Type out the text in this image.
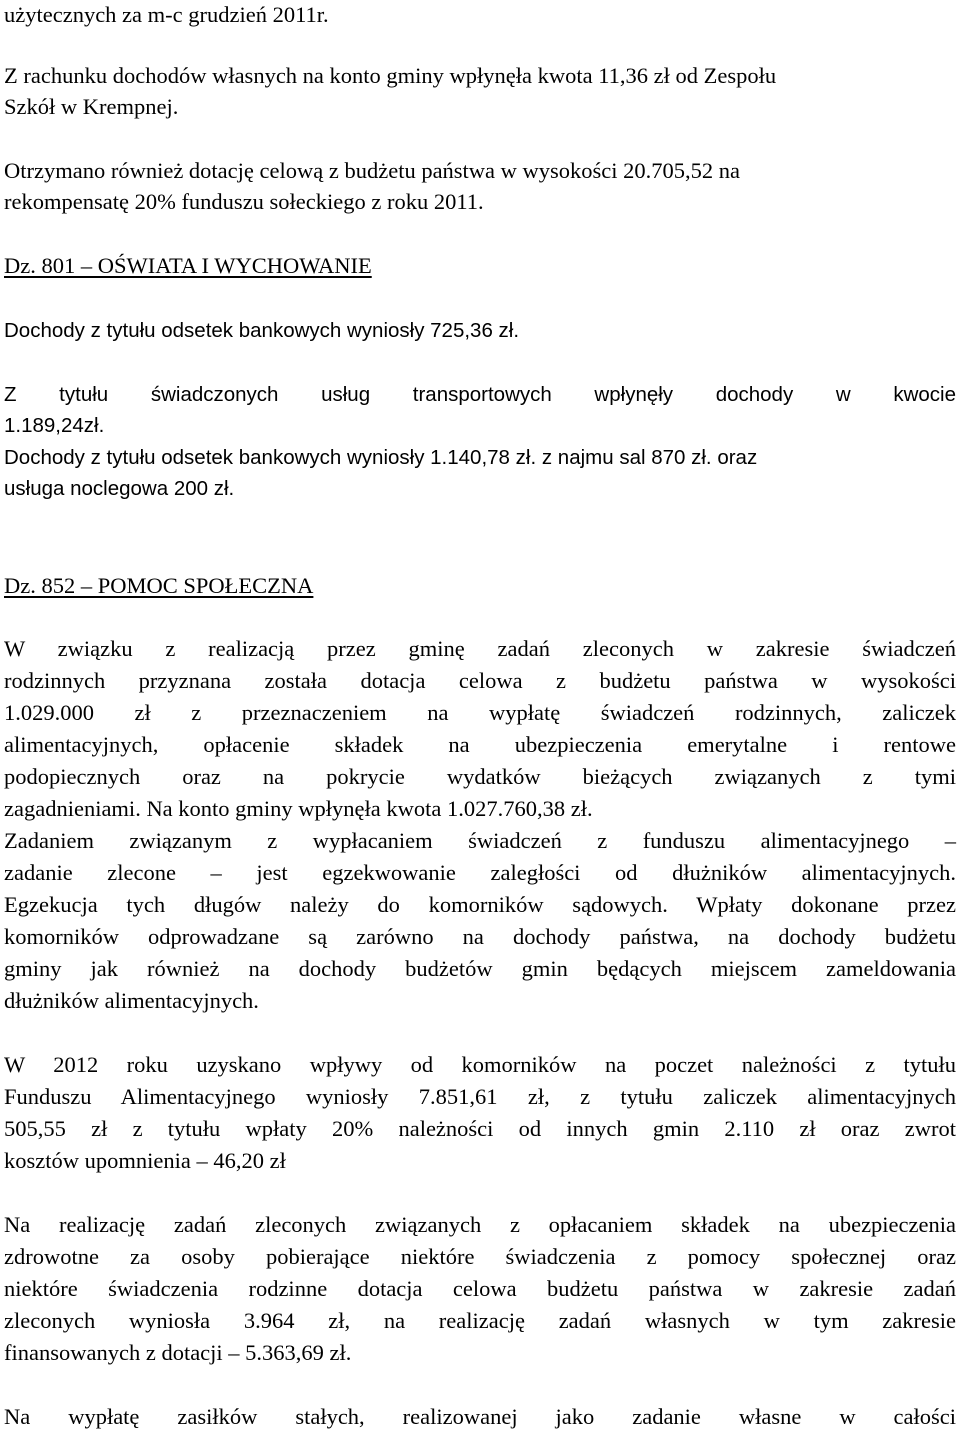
użytecznych za m-c grudzień 2011r.

Z rachunku dochodów własnych na konto gminy wpłynęła kwota 11,36 zł od Zespołu

Szkół w Krempnej.

Otrzymano również dotację celową z budżetu państwa w wysokości 20.705,52 na

rekompensatę 20% funduszu sołeckiego z roku 2011.

Dz. 801 – OŚWIATA I WYCHOWANIE

Dochody z tytułu odsetek bankowych wyniosły 725,36 zł.

Z tytułu świadczonych usług transportowych wpłynęły dochody w kwocie

1.189,24zł.

Dochody z tytułu odsetek bankowych wyniosły 1.140,78 zł. z najmu sal 870 zł. oraz

usługa noclegowa 200 zł.

Dz. 852 – POMOC SPOŁECZNA

W związku z realizacją przez gminę zadań zleconych w zakresie świadczeń

rodzinnych przyznana została dotacja celowa z budżetu państwa w wysokości

1.029.000 zł z przeznaczeniem na wypłatę świadczeń rodzinnych, zaliczek

alimentacyjnych, opłacenie składek na ubezpieczenia emerytalne i rentowe

podopiecznych oraz na pokrycie wydatków bieżących związanych z tymi

zagadnieniami. Na konto gminy wpłynęła kwota 1.027.760,38 zł.

Zadaniem związanym z wypłacaniem świadczeń z funduszu alimentacyjnego –

zadanie zlecone – jest egzekwowanie zaległości od dłużników alimentacyjnych.

Egzekucja tych długów należy do komorników sądowych. Wpłaty dokonane przez

komorników odprowadzane są zarówno na dochody państwa, na dochody budżetu

gminy jak również na dochody budżetów gmin będących miejscem zameldowania

dłużników alimentacyjnych.

W 2012 roku uzyskano wpływy od komorników na poczet należności z tytułu

Funduszu Alimentacyjnego wyniosły 7.851,61 zł, z tytułu zaliczek alimentacyjnych

505,55 zł z tytułu wpłaty 20% należności od innych gmin 2.110 zł oraz zwrot

kosztów upomnienia – 46,20 zł

Na realizację zadań zleconych związanych z opłacaniem składek na ubezpieczenia

zdrowotne za osoby pobierające niektóre świadczenia z pomocy społecznej oraz

niektóre świadczenia rodzinne dotacja celowa budżetu państwa w zakresie zadań

zleconych wyniosła 3.964 zł, na realizację zadań własnych w tym zakresie

finansowanych z dotacji – 5.363,69 zł.

Na wypłatę zasiłków stałych, realizowanej jako zadanie własne w całości
